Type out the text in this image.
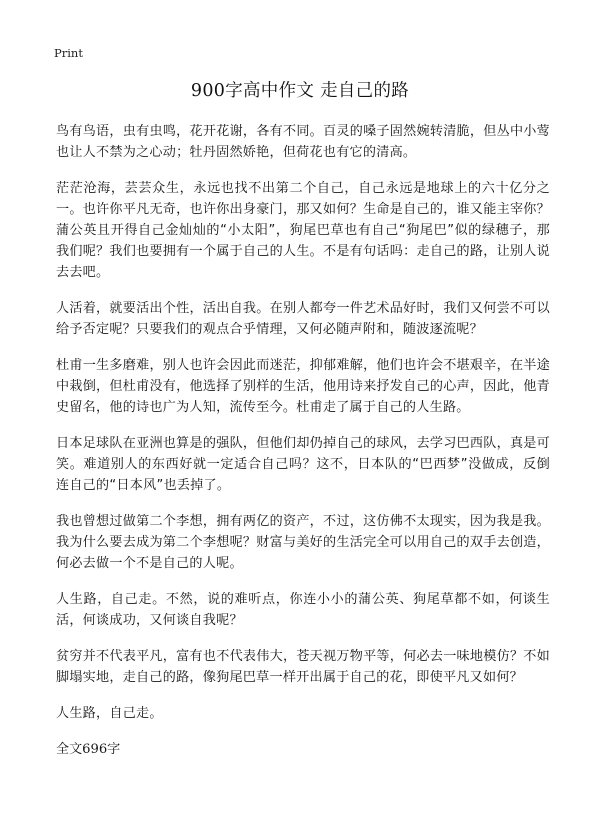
Print
900字高中作文 走自己的路

鸟有鸟语，虫有虫鸣，花开花谢，各有不同。百灵的嗓子固然婉转清脆，但丛中小莺也让人不禁为之心动；牡丹固然娇艳，但荷花也有它的清高。

茫茫沧海，芸芸众生，永远也找不出第二个自己，自己永远是地球上的六十亿分之一。也许你平凡无奇，也许你出身豪门，那又如何？生命是自己的，谁又能主宰你？蒲公英且开得自己金灿灿的“小太阳”，狗尾巴草也有自己“狗尾巴”似的绿穗子，那我们呢？我们也要拥有一个属于自己的人生。不是有句话吗：走自己的路，让别人说去去吧。

人活着，就要活出个性，活出自我。在别人都夸一件艺术品好时，我们又何尝不可以给予否定呢？只要我们的观点合乎情理，又何必随声附和，随波逐流呢？

杜甫一生多磨难，别人也许会因此而迷茫，抑郁难解，他们也许会不堪艰辛，在半途中栽倒，但杜甫没有，他选择了别样的生活，他用诗来抒发自己的心声，因此，他青史留名，他的诗也广为人知，流传至今。杜甫走了属于自己的人生路。

日本足球队在亚洲也算是的强队，但他们却仍掉自己的球风，去学习巴西队，真是可笑。难道别人的东西好就一定适合自己吗？这不，日本队的“巴西梦”没做成，反倒连自己的“日本风”也丢掉了。

我也曾想过做第二个李想，拥有两亿的资产，不过，这仿佛不太现实，因为我是我。我为什么要去成为第二个李想呢？财富与美好的生活完全可以用自己的双手去创造，何必去做一个不是自己的人呢。

人生路，自己走。不然，说的难听点，你连小小的蒲公英、狗尾草都不如，何谈生活，何谈成功，又何谈自我呢？

贫穷并不代表平凡，富有也不代表伟大，苍天视万物平等，何必去一味地模仿？不如脚塌实地，走自己的路，像狗尾巴草一样开出属于自己的花，即使平凡又如何？

人生路，自己走。

全文696字
